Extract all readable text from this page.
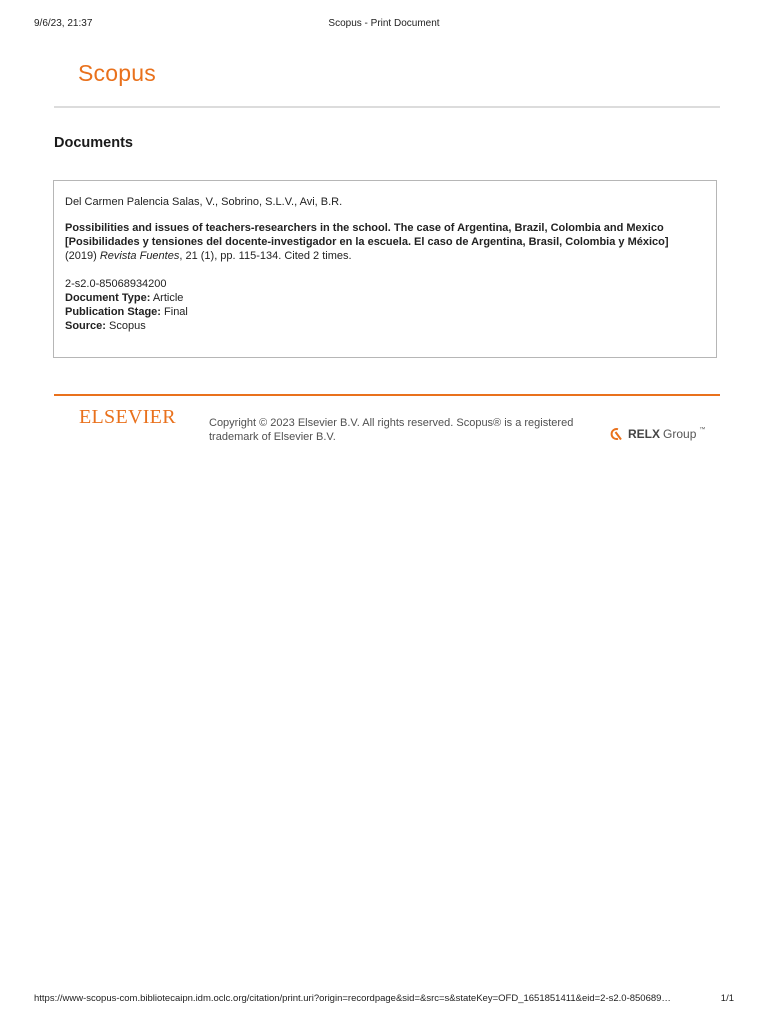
9/6/23, 21:37	Scopus - Print Document
Scopus
Documents
Del Carmen Palencia Salas, V., Sobrino, S.L.V., Avi, B.R.
Possibilities and issues of teachers-researchers in the school. The case of Argentina, Brazil, Colombia and Mexico [Posibilidades y tensiones del docente-investigador en la escuela. El caso de Argentina, Brasil, Colombia y México]
(2019) Revista Fuentes, 21 (1), pp. 115-134. Cited 2 times.
2-s2.0-85068934200
Document Type: Article
Publication Stage: Final
Source: Scopus
ELSEVIER	Copyright © 2023 Elsevier B.V. All rights reserved. Scopus® is a registered trademark of Elsevier B.V.	RELX Group ™
https://www-scopus-com.bibliotecaipn.idm.oclc.org/citation/print.uri?origin=recordpage&sid=&src=s&stateKey=OFD_1651851411&eid=2-s2.0-850689…	1/1
